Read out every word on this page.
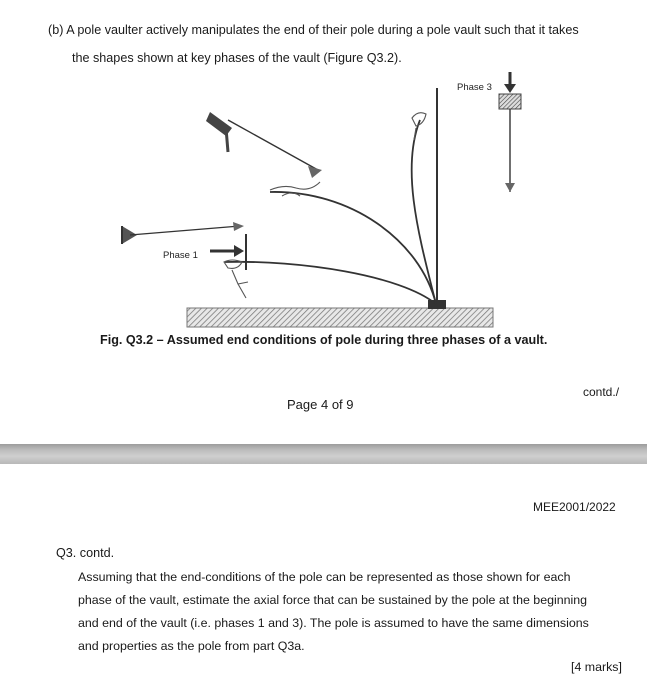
(b) A pole vaulter actively manipulates the end of their pole during a pole vault such that it takes
the shapes shown at key phases of the vault (Figure Q3.2).
Phase 1
Phase 3
Fig. Q3.2 – Assumed end conditions of pole during three phases of a vault.
contd./
Page 4 of 9
MEE2001/2022
Q3. contd.
Assuming that the end-conditions of the pole can be represented as those shown for each
phase of the vault, estimate the axial force that can be sustained by the pole at the beginning
and end of the vault (i.e. phases 1 and 3). The pole is assumed to have the same dimensions
and properties as the pole from part Q3a.
[4 marks]
